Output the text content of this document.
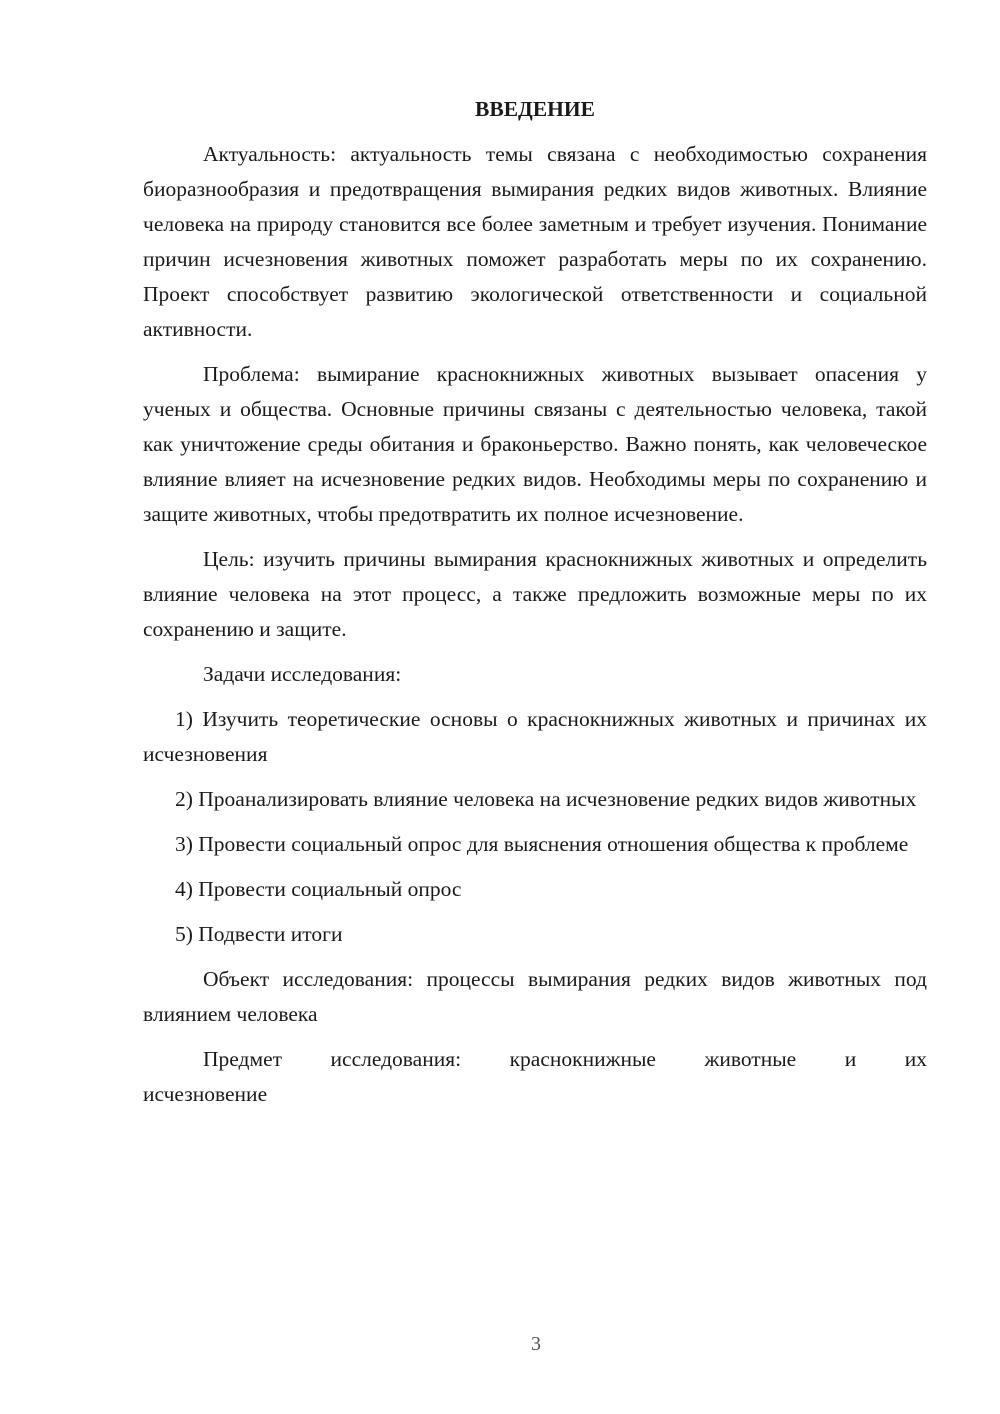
ВВЕДЕНИЕ

Актуальность: актуальность темы связана с необходимостью сохранения биоразнообразия и предотвращения вымирания редких видов животных. Влияние человека на природу становится все более заметным и требует изучения. Понимание причин исчезновения животных поможет разработать меры по их сохранению. Проект способствует развитию экологической ответственности и социальной активности.

Проблема: вымирание краснокнижных животных вызывает опасения у ученых и общества. Основные причины связаны с деятельностью человека, такой как уничтожение среды обитания и браконьерство. Важно понять, как человеческое влияние влияет на исчезновение редких видов. Необходимы меры по сохранению и защите животных, чтобы предотвратить их полное исчезновение.

Цель: изучить причины вымирания краснокнижных животных и определить влияние человека на этот процесс, а также предложить возможные меры по их сохранению и защите.

Задачи исследования:

1) Изучить теоретические основы о краснокнижных животных и причинах их исчезновения

2) Проанализировать влияние человека на исчезновение редких видов животных

3) Провести социальный опрос для выяснения отношения общества к проблеме

4) Провести социальный опрос

5) Подвести итоги

Объект исследования: процессы вымирания редких видов животных под влиянием человека

Предмет исследования: краснокнижные животные и их

исчезновение

3
